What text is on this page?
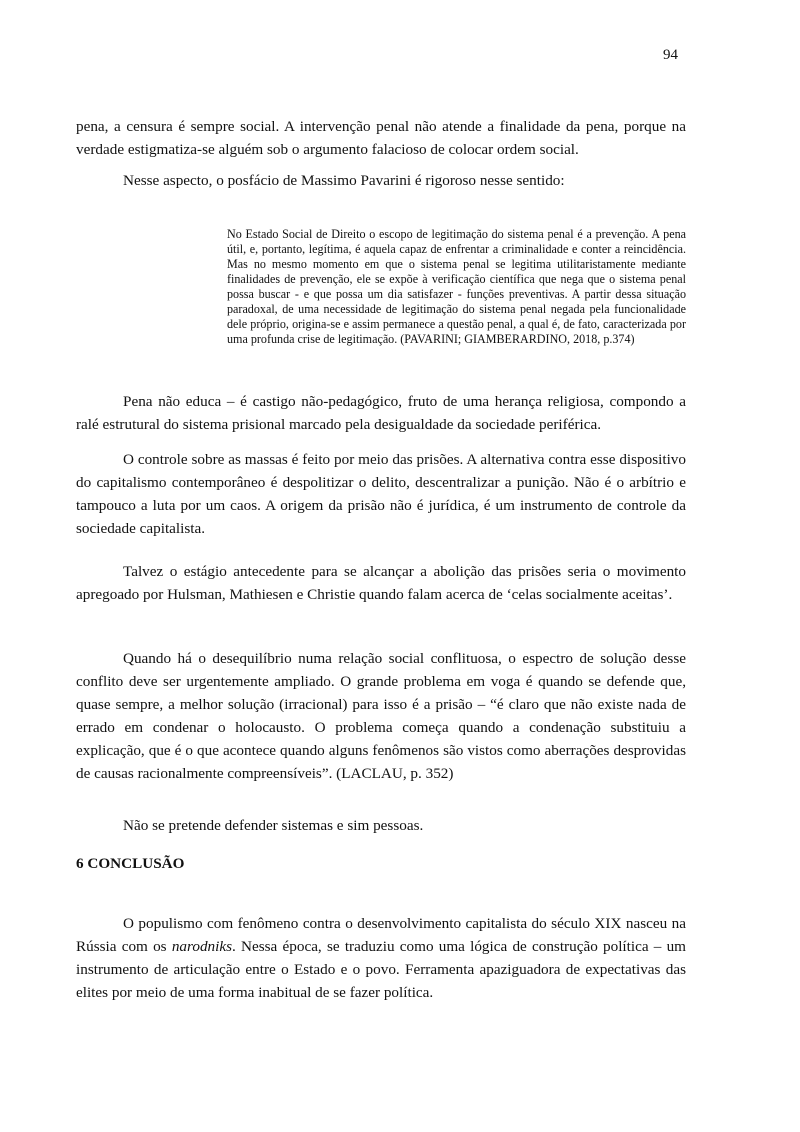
94

pena, a censura é sempre social. A intervenção penal não atende a finalidade da pena, porque na verdade estigmatiza-se alguém sob o argumento falacioso de colocar ordem social.

Nesse aspecto, o posfácio de Massimo Pavarini é rigoroso nesse sentido:

No Estado Social de Direito o escopo de legitimação do sistema penal é a prevenção. A pena útil, e, portanto, legítima, é aquela capaz de enfrentar a criminalidade e conter a reincidência. Mas no mesmo momento em que o sistema penal se legitima utilitaristamente mediante finalidades de prevenção, ele se expõe à verificação científica que nega que o sistema penal possa buscar - e que possa um dia satisfazer - funções preventivas. A partir dessa situação paradoxal, de uma necessidade de legitimação do sistema penal negada pela funcionalidade dele próprio, origina-se e assim permanece a questão penal, a qual é, de fato, caracterizada por uma profunda crise de legitimação. (PAVARINI; GIAMBERARDINO, 2018, p.374)

Pena não educa – é castigo não-pedagógico, fruto de uma herança religiosa, compondo a ralé estrutural do sistema prisional marcado pela desigualdade da sociedade periférica.

O controle sobre as massas é feito por meio das prisões. A alternativa contra esse dispositivo do capitalismo contemporâneo é despolitizar o delito, descentralizar a punição. Não é o arbítrio e tampouco a luta por um caos. A origem da prisão não é jurídica, é um instrumento de controle da sociedade capitalista.

Talvez o estágio antecedente para se alcançar a abolição das prisões seria o movimento apregoado por Hulsman, Mathiesen e Christie quando falam acerca de ‘celas socialmente aceitas’.

Quando há o desequilíbrio numa relação social conflituosa, o espectro de solução desse conflito deve ser urgentemente ampliado. O grande problema em voga é quando se defende que, quase sempre, a melhor solução (irracional) para isso é a prisão – “é claro que não existe nada de errado em condenar o holocausto. O problema começa quando a condenação substituiu a explicação, que é o que acontece quando alguns fenômenos são vistos como aberrações desprovidas de causas racionalmente compreensíveis”. (LACLAU, p. 352)

Não se pretende defender sistemas e sim pessoas.

6 CONCLUSÃO

O populismo com fenômeno contra o desenvolvimento capitalista do século XIX nasceu na Rússia com os narodniks. Nessa época, se traduziu como uma lógica de construção política – um instrumento de articulação entre o Estado e o povo. Ferramenta apaziguadora de expectativas das elites por meio de uma forma inabitual de se fazer política.
